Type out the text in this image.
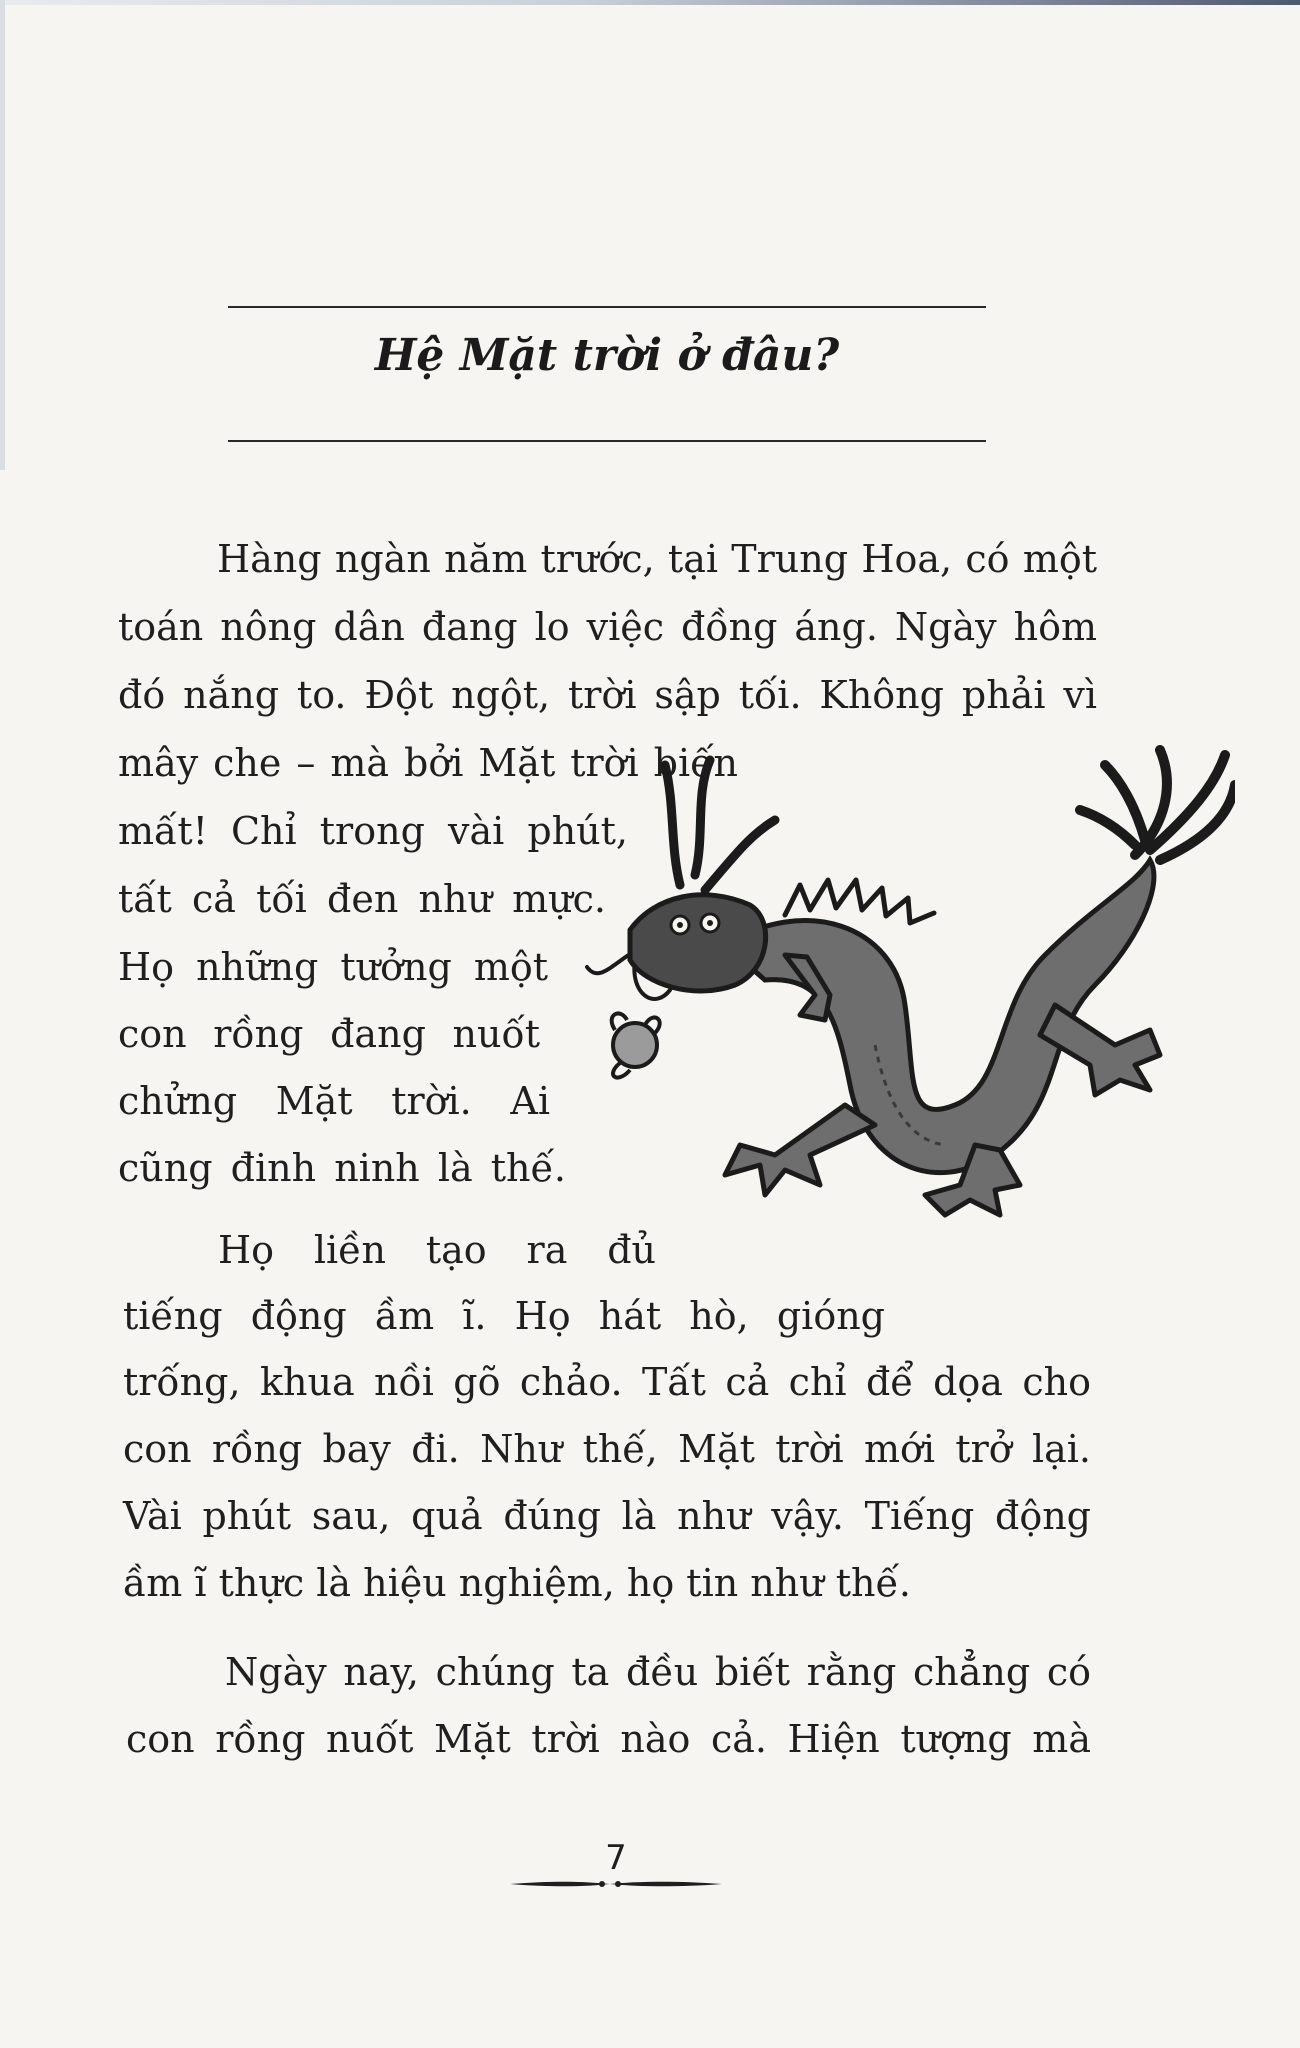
Hệ Mặt trời ở đâu?

Hàng ngàn năm trước, tại Trung Hoa, có một

toán nông dân đang lo việc đồng áng. Ngày hôm

đó nắng to. Đột ngột, trời sập tối. Không phải vì

mây che – mà bởi Mặt trời biến

mất! Chỉ trong vài phút,

tất cả tối đen như mực.

Họ những tưởng một

con rồng đang nuốt

chửng Mặt trời. Ai

cũng đinh ninh là thế.

Họ liền tạo ra đủ

tiếng động ầm ĩ. Họ hát hò, gióng

trống, khua nồi gõ chảo. Tất cả chỉ để dọa cho

con rồng bay đi. Như thế, Mặt trời mới trở lại.

Vài phút sau, quả đúng là như vậy. Tiếng động

ầm ĩ thực là hiệu nghiệm, họ tin như thế.

Ngày nay, chúng ta đều biết rằng chẳng có

con rồng nuốt Mặt trời nào cả. Hiện tượng mà

7
